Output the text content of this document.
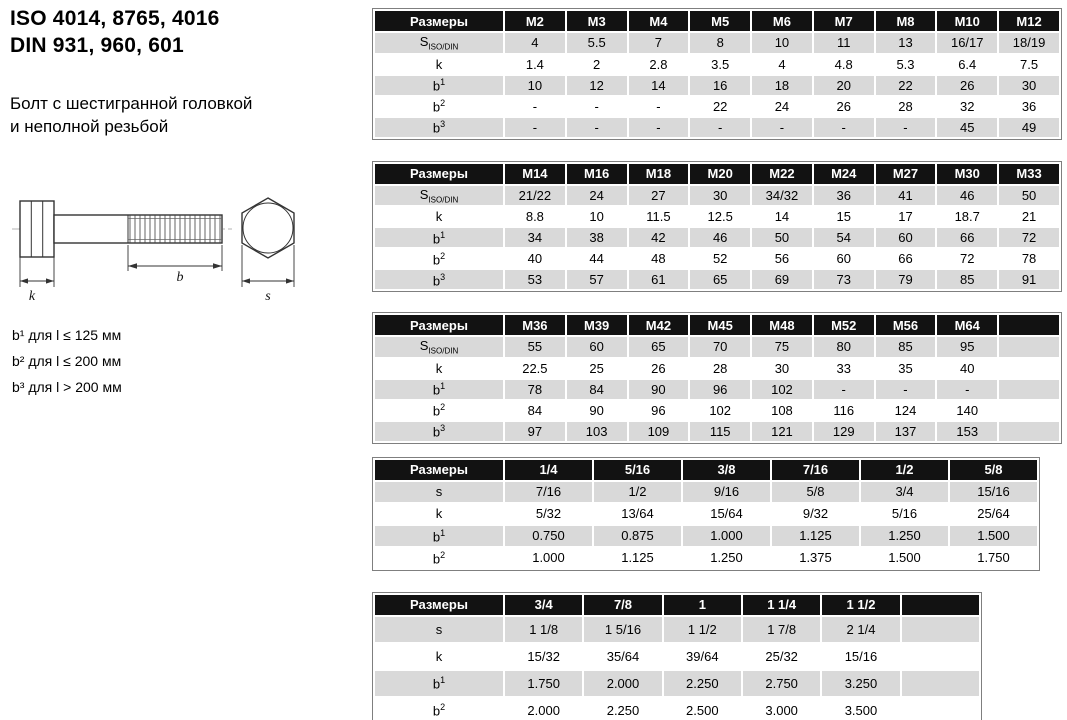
ISO 4014, 8765, 4016
DIN 931, 960, 601
Болт с шестигранной головкой
и неполной резьбой
b
k	s
b¹ для l ≤ 125 мм
b² для l ≤ 200 мм
b³ для l > 200 мм
Размеры	M2	M3	M4	M5	M6	M7	M8	M10	M12
$S_{ISO/DIN}$	4	5.5	7	8	10	11	13	16/17	18/19
k	1.4	2	2.8	3.5	4	4.8	5.3	6.4	7.5
$b^1$	10	12	14	16	18	20	22	26	30
$b^2$	-	-	-	22	24	26	28	32	36
$b^3$	-	-	-	-	-	-	-	45	49
Размеры	M14	M16	M18	M20	M22	M24	M27	M30	M33
$S_{ISO/DIN}$	21/22	24	27	30	34/32	36	41	46	50
k	8.8	10	11.5	12.5	14	15	17	18.7	21
$b^1$	34	38	42	46	50	54	60	66	72
$b^2$	40	44	48	52	56	60	66	72	78
$b^3$	53	57	61	65	69	73	79	85	91
Размеры	M36	M39	M42	M45	M48	M52	M56	M64	
$S_{ISO/DIN}$	55	60	65	70	75	80	85	95	
k	22.5	25	26	28	30	33	35	40	
$b^1$	78	84	90	96	102	-	-	-	
$b^2$	84	90	96	102	108	116	124	140	
$b^3$	97	103	109	115	121	129	137	153	
Размеры	1/4	5/16	3/8	7/16	1/2	5/8
s	7/16	1/2	9/16	5/8	3/4	15/16
k	5/32	13/64	15/64	9/32	5/16	25/64
$b^1$	0.750	0.875	1.000	1.125	1.250	1.500
$b^2$	1.000	1.125	1.250	1.375	1.500	1.750
Размеры	3/4	7/8	1	1 1/4	1 1/2	
s	1 1/8	1 5/16	1 1/2	1 7/8	2 1/4	
k	15/32	35/64	39/64	25/32	15/16	
$b^1$	1.750	2.000	2.250	2.750	3.250	
$b^2$	2.000	2.250	2.500	3.000	3.500	
